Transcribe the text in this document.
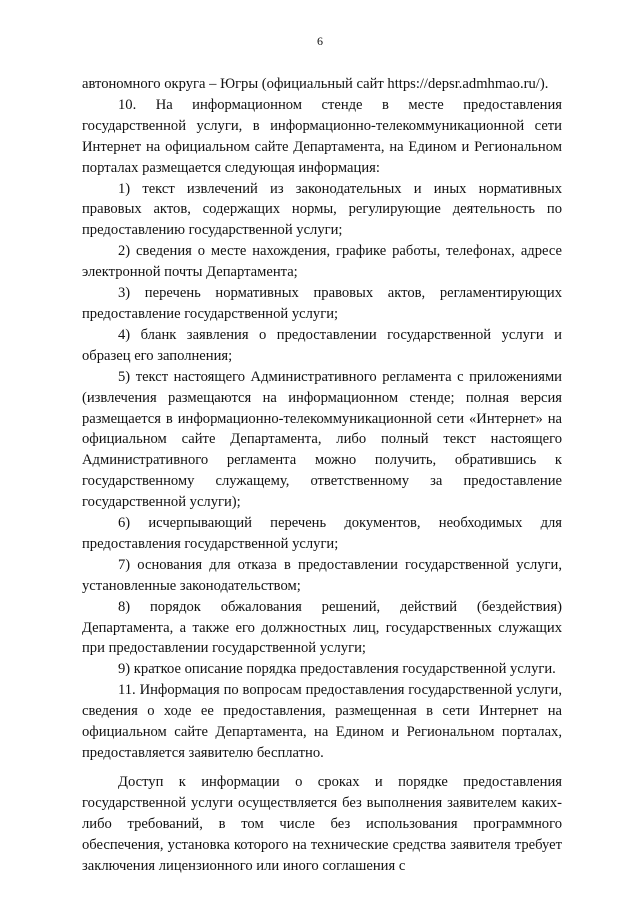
6

автономного округа – Югры (официальный сайт https://depsr.admhmao.ru/).

10. На информационном стенде в месте предоставления государственной услуги, в информационно-телекоммуникационной сети Интернет на официальном сайте Департамента, на Едином и Региональном порталах размещается следующая информация:

1) текст извлечений из законодательных и иных нормативных правовых актов, содержащих нормы, регулирующие деятельность по предоставлению государственной услуги;

2) сведения о месте нахождения, графике работы, телефонах, адресе электронной почты Департамента;

3) перечень нормативных правовых актов, регламентирующих предоставление государственной услуги;

4) бланк заявления о предоставлении государственной услуги и образец его заполнения;

5) текст настоящего Административного регламента с приложениями (извлечения размещаются на информационном стенде; полная версия размещается в информационно-телекоммуникационной сети «Интернет» на официальном сайте Департамента, либо полный текст настоящего Административного регламента можно получить, обратившись к государственному служащему, ответственному за предоставление государственной услуги);

6) исчерпывающий перечень документов, необходимых для предоставления государственной услуги;

7) основания для отказа в предоставлении государственной услуги, установленные законодательством;

8) порядок обжалования решений, действий (бездействия) Департамента, а также его должностных лиц, государственных служащих при предоставлении государственной услуги;

9) краткое описание порядка предоставления государственной услуги.

11. Информация по вопросам предоставления государственной услуги, сведения о ходе ее предоставления, размещенная в сети Интернет на официальном сайте Департамента, на Едином и Региональном порталах, предоставляется заявителю бесплатно.

Доступ к информации о сроках и порядке предоставления государственной услуги осуществляется без выполнения заявителем каких-либо требований, в том числе без использования программного обеспечения, установка которого на технические средства заявителя требует заключения лицензионного или иного соглашения с
